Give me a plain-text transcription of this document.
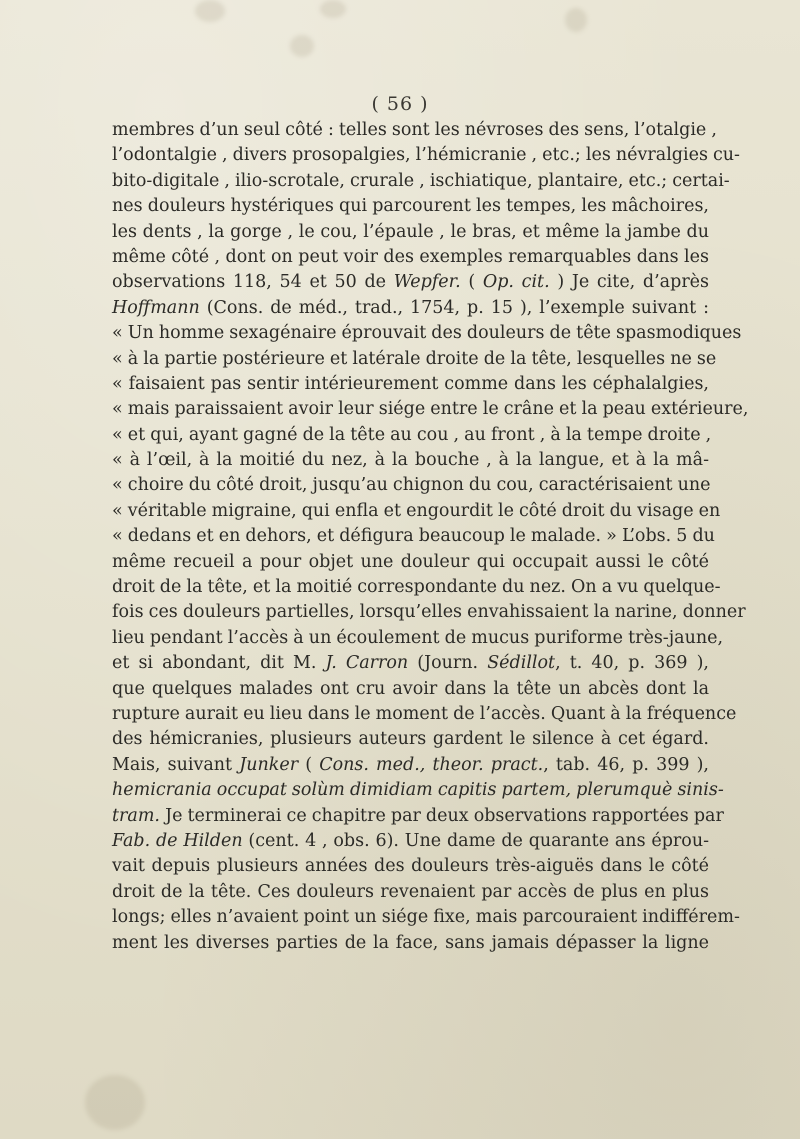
( 56 )
membres d’un seul côté : telles sont les névroses des sens, l’otalgie ,
l’odontalgie , divers prosopalgies, l’hémicranie , etc.; les névralgies cu-
bito-digitale , ilio-scrotale, crurale , ischiatique, plantaire, etc.; certai-
nes douleurs hystériques qui parcourent les tempes, les mâchoires,
les dents , la gorge , le cou, l’épaule , le bras, et même la jambe du
même côté , dont on peut voir des exemples remarquables dans les
observations 118, 54 et 50 de Wepfer. ( Op. cit. ) Je cite, d’après
Hoffmann (Cons. de méd., trad., 1754, p. 15 ), l’exemple suivant :
« Un homme sexagénaire éprouvait des douleurs de tête spasmodiques
« à la partie postérieure et latérale droite de la tête, lesquelles ne se
« faisaient pas sentir intérieurement comme dans les céphalalgies,
« mais paraissaient avoir leur siége entre le crâne et la peau extérieure,
« et qui, ayant gagné de la tête au cou , au front , à la tempe droite ,
« à l’œil, à la moitié du nez, à la bouche , à la langue, et à la mâ-
« choire du côté droit, jusqu’au chignon du cou, caractérisaient une
« véritable migraine, qui enfla et engourdit le côté droit du visage en
« dedans et en dehors, et défigura beaucoup le malade. » L’obs. 5 du
même recueil a pour objet une douleur qui occupait aussi le côté
droit de la tête, et la moitié correspondante du nez. On a vu quelque-
fois ces douleurs partielles, lorsqu’elles envahissaient la narine, donner
lieu pendant l’accès à un écoulement de mucus puriforme très-jaune,
et si abondant, dit M. J. Carron (Journ. Sédillot, t. 40, p. 369 ),
que quelques malades ont cru avoir dans la tête un abcès dont la
rupture aurait eu lieu dans le moment de l’accès. Quant à la fréquence
des hémicranies, plusieurs auteurs gardent le silence à cet égard.
Mais, suivant Junker ( Cons. med., theor. pract., tab. 46, p. 399 ),
hemicrania occupat solùm dimidiam capitis partem, plerumquè sinis-
tram. Je terminerai ce chapitre par deux observations rapportées par
Fab. de Hilden (cent. 4 , obs. 6). Une dame de quarante ans éprou-
vait depuis plusieurs années des douleurs très-aiguës dans le côté
droit de la tête. Ces douleurs revenaient par accès de plus en plus
longs; elles n’avaient point un siége fixe, mais parcouraient indifférem-
ment les diverses parties de la face, sans jamais dépasser la ligne
